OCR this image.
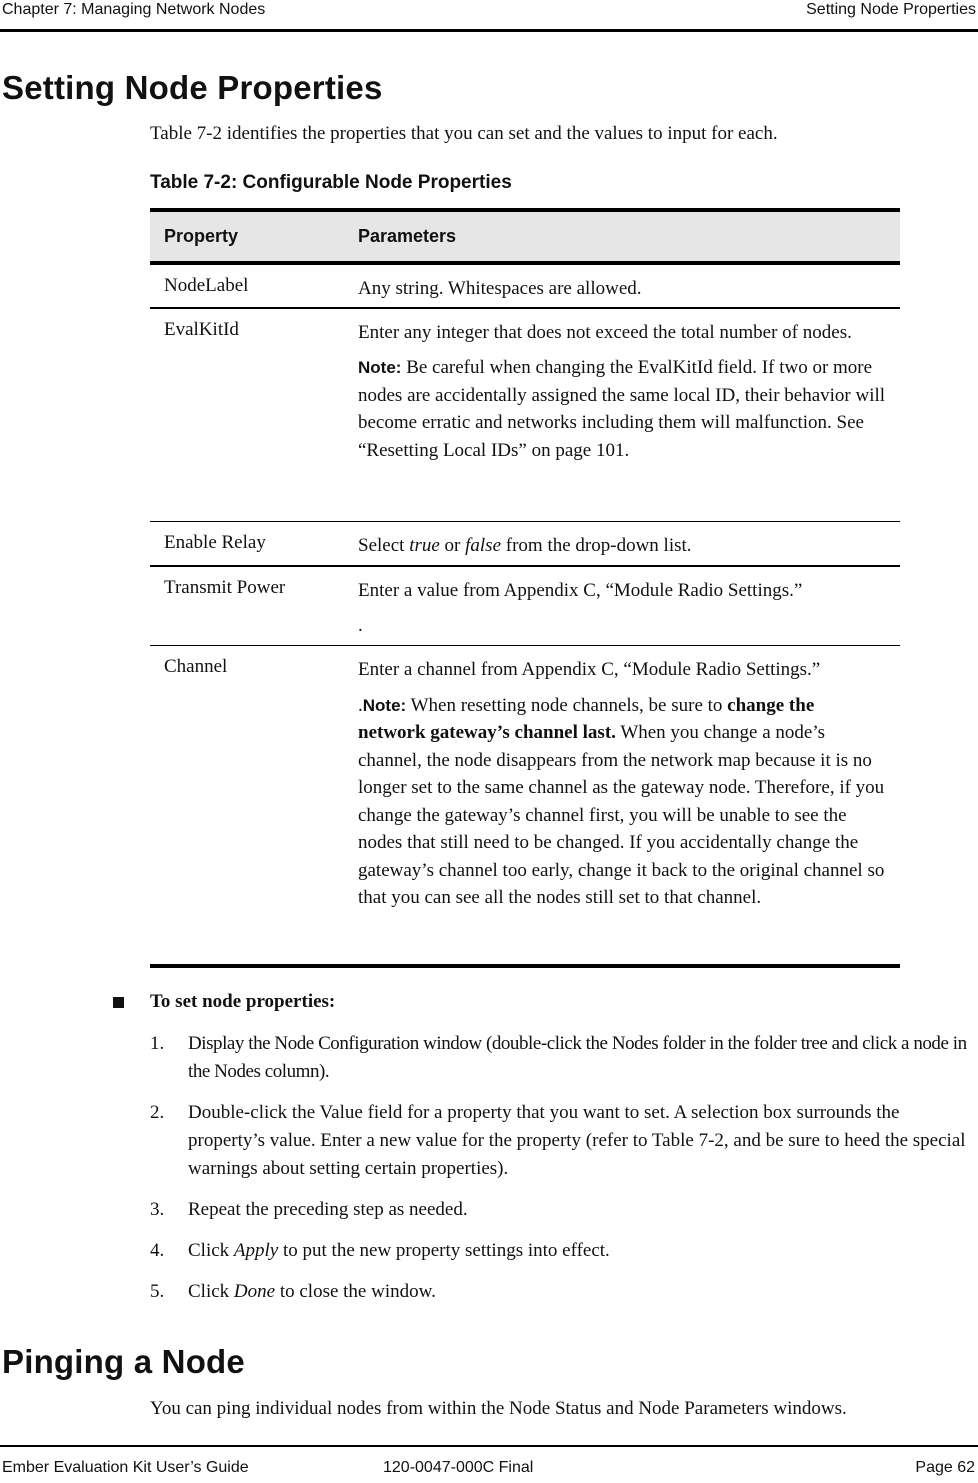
Chapter 7: Managing Network Nodes	Setting Node Properties
Setting Node Properties
Table 7-2 identifies the properties that you can set and the values to input for each.
Table 7-2: Configurable Node Properties
Property	Parameters
NodeLabel	Any string. Whitespaces are allowed.

EvalKitId	Enter any integer that does not exceed the total number of nodes.

Note: Be careful when changing the EvalKitId field. If two or more nodes are accidentally assigned the same local ID, their behavior will become erratic and networks including them will malfunction. See “Resetting Local IDs” on page 101.

Enable Relay	Select true or false from the drop-down list.

Transmit Power	Enter a value from Appendix C, “Module Radio Settings.”

.

Channel	Enter a channel from Appendix C, “Module Radio Settings.”

.Note: When resetting node channels, be sure to change the network gateway’s channel last. When you change a node’s channel, the node disappears from the network map because it is no longer set to the same channel as the gateway node. Therefore, if you change the gateway’s channel first, you will be unable to see the nodes that still need to be changed. If you accidentally change the gateway’s channel too early, change it back to the original channel so that you can see all the nodes still set to that channel.

To set node properties:
1. Display the Node Configuration window (double-click the Nodes folder in the folder tree and click a node in the Nodes column).
2. Double-click the Value field for a property that you want to set. A selection box surrounds the property’s value. Enter a new value for the property (refer to Table 7-2, and be sure to heed the special warnings about setting certain properties).
3. Repeat the preceding step as needed.
4. Click Apply to put the new property settings into effect.
5. Click Done to close the window.
Pinging a Node
You can ping individual nodes from within the Node Status and Node Parameters windows.
Ember Evaluation Kit User’s Guide	120-0047-000C Final	Page 62
